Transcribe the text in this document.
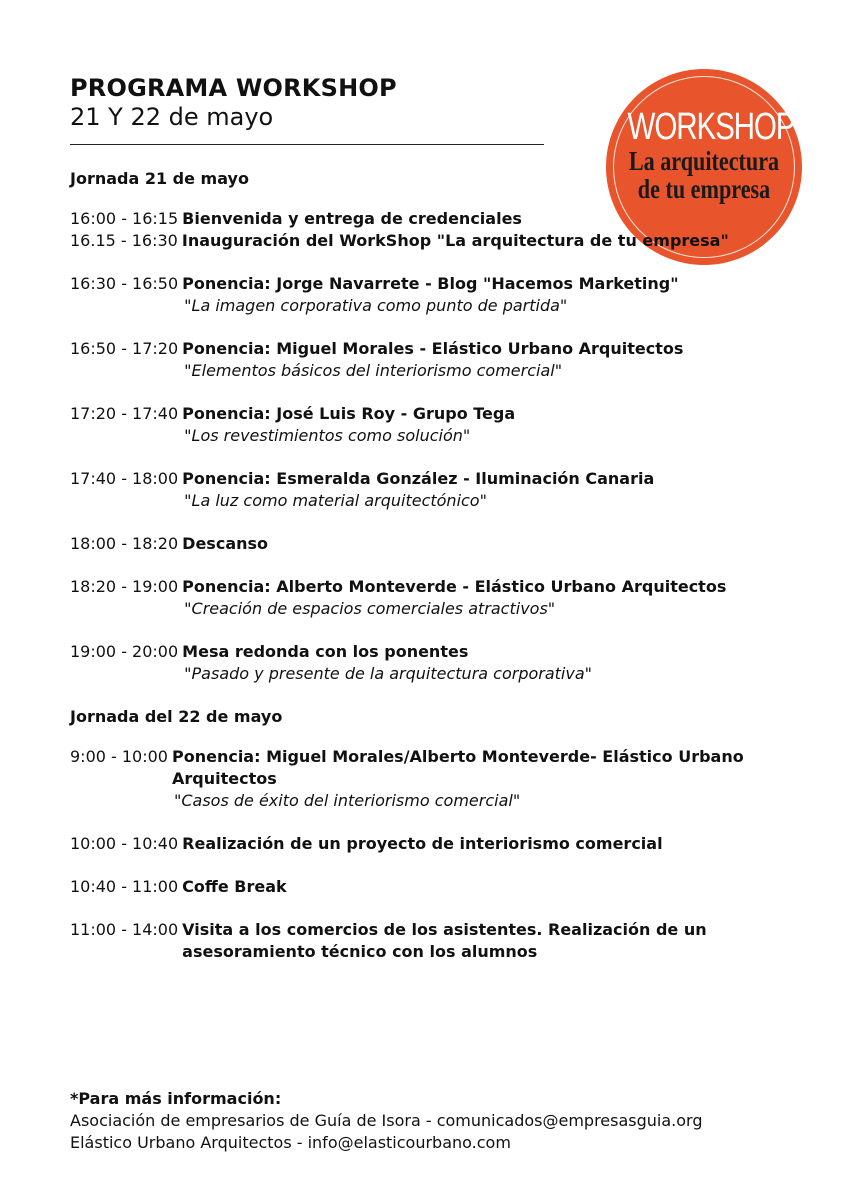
PROGRAMA WORKSHOP
21 Y 22 de mayo	WORKSHOP
La arquitectura
de tu empresa
Jornada 21 de mayo
16:00 - 16:15 Bienvenida y entrega de credenciales
16.15 - 16:30 Inauguración del WorkShop "La arquitectura de tu empresa"
16:30 - 16:50 Ponencia: Jorge Navarrete - Blog "Hacemos Marketing"
"La imagen corporativa como punto de partida"
16:50 - 17:20 Ponencia: Miguel Morales - Elástico Urbano Arquitectos
"Elementos básicos del interiorismo comercial"
17:20 - 17:40 Ponencia: José Luis Roy - Grupo Tega
"Los revestimientos como solución"
17:40 - 18:00 Ponencia: Esmeralda González - Iluminación Canaria
"La luz como material arquitectónico"
18:00 - 18:20 Descanso
18:20 - 19:00 Ponencia: Alberto Monteverde - Elástico Urbano Arquitectos
"Creación de espacios comerciales atractivos"
19:00 - 20:00 Mesa redonda con los ponentes
"Pasado y presente de la arquitectura corporativa"
Jornada del 22 de mayo
9:00 - 10:00 Ponencia: Miguel Morales/Alberto Monteverde- Elástico Urbano Arquitectos
"Casos de éxito del interiorismo comercial"
10:00 - 10:40 Realización de un proyecto de interiorismo comercial
10:40 - 11:00 Coffe Break
11:00 - 14:00 Visita a los comercios de los asistentes. Realización de un asesoramiento técnico con los alumnos
*Para más información:
Asociación de empresarios de Guía de Isora - comunicados@empresasguia.org
Elástico Urbano Arquitectos - info@elasticourbano.com
